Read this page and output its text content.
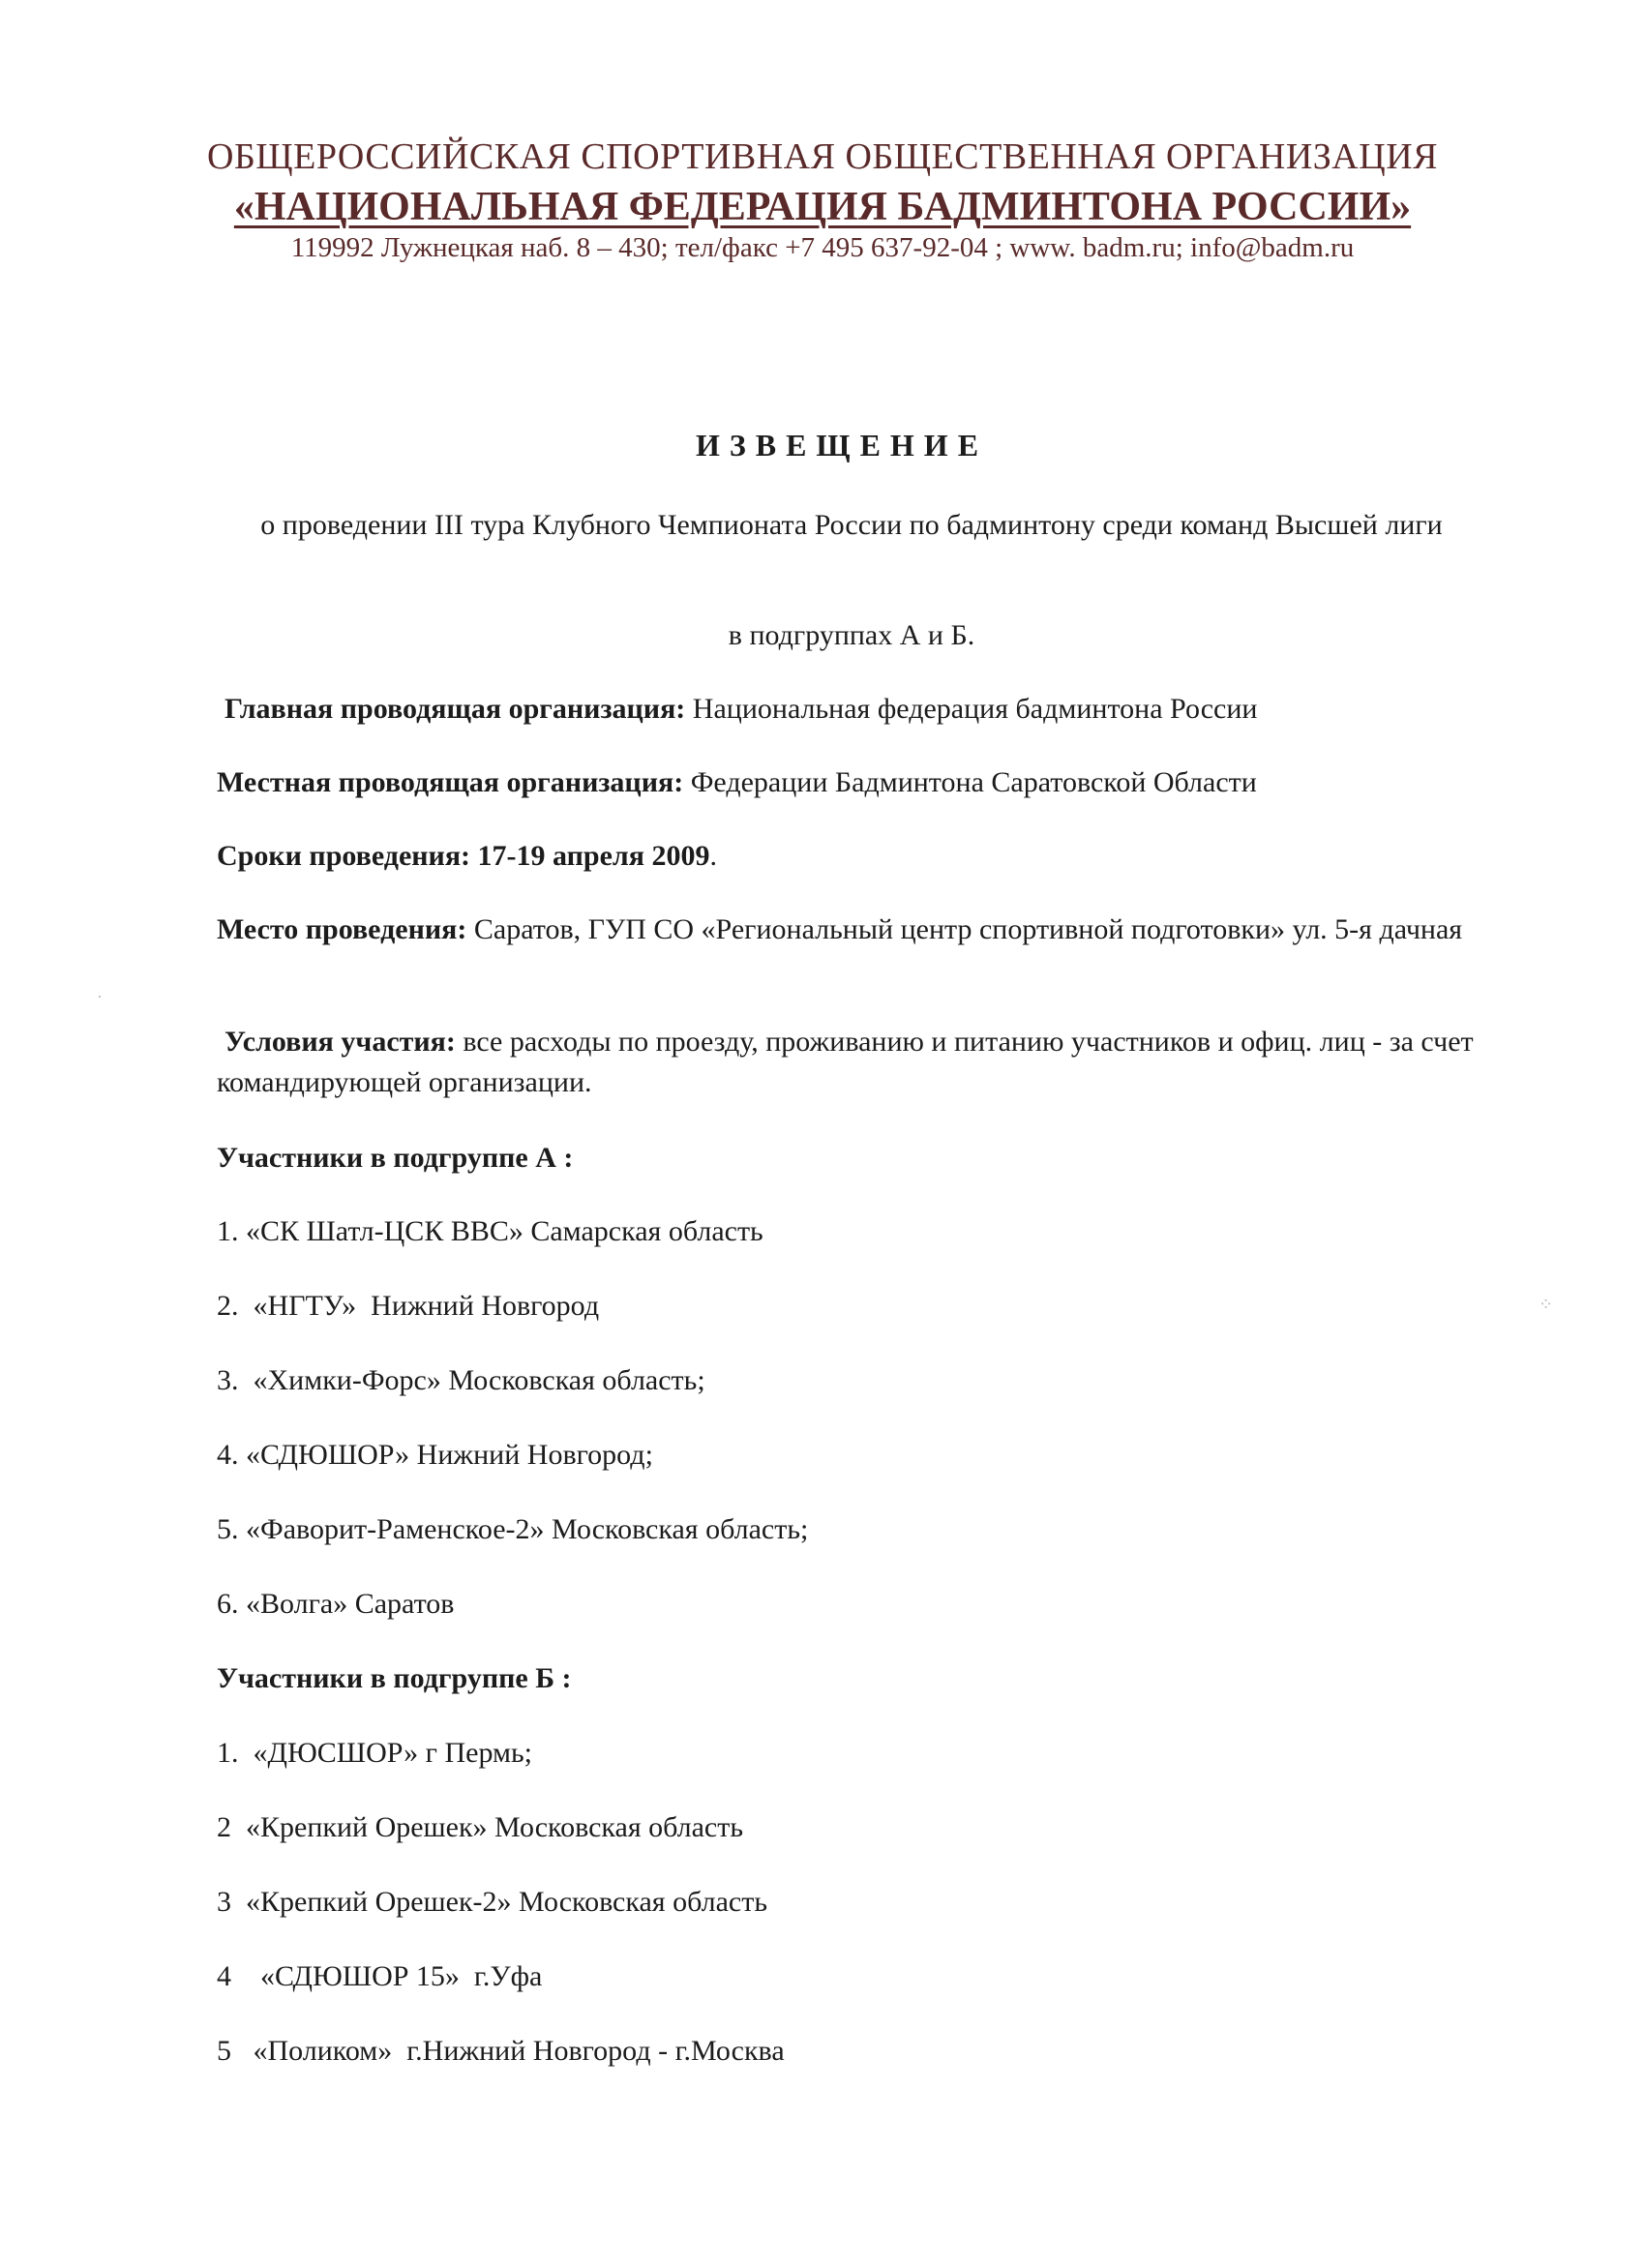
ОБЩЕРОССИЙСКАЯ СПОРТИВНАЯ ОБЩЕСТВЕННАЯ ОРГАНИЗАЦИЯ
«НАЦИОНАЛЬНАЯ ФЕДЕРАЦИЯ БАДМИНТОНА РОССИИ»
119992 Лужнецкая наб. 8 – 430; тел/факс +7 495 637-92-04 ; www. badm.ru; info@badm.ru
ИЗВЕЩЕНИЕ
о проведении III тура Клубного Чемпионата России по бадминтону среди команд Высшей лиги
в подгруппах А и Б.
Главная проводящая организация: Национальная федерация бадминтона России
Местная проводящая организация: Федерации Бадминтона Саратовской Области
Сроки проведения: 17-19 апреля 2009.
Место проведения: Саратов, ГУП СО «Региональный центр спортивной подготовки» ул. 5-я дачная
Условия участия: все расходы по проезду, проживанию и питанию участников и офиц. лиц - за счет командирующей организации.
Участники в подгруппе А :
1. «СК Шатл-ЦСК ВВС» Самарская область
2.  «НГТУ»  Нижний Новгород
3.  «Химки-Форс» Московская область;
4. «СДЮШОР» Нижний Новгород;
5. «Фаворит-Раменское-2» Московская область;
6. «Волга» Саратов
Участники в подгруппе Б :
1.  «ДЮСШОР» г Пермь;
2  «Крепкий Орешек» Московская область
3  «Крепкий Орешек-2» Московская область
4    «СДЮШОР 15»  г.Уфа
5   «Поликом»  г.Нижний Новгород - г.Москва
⁘
·
